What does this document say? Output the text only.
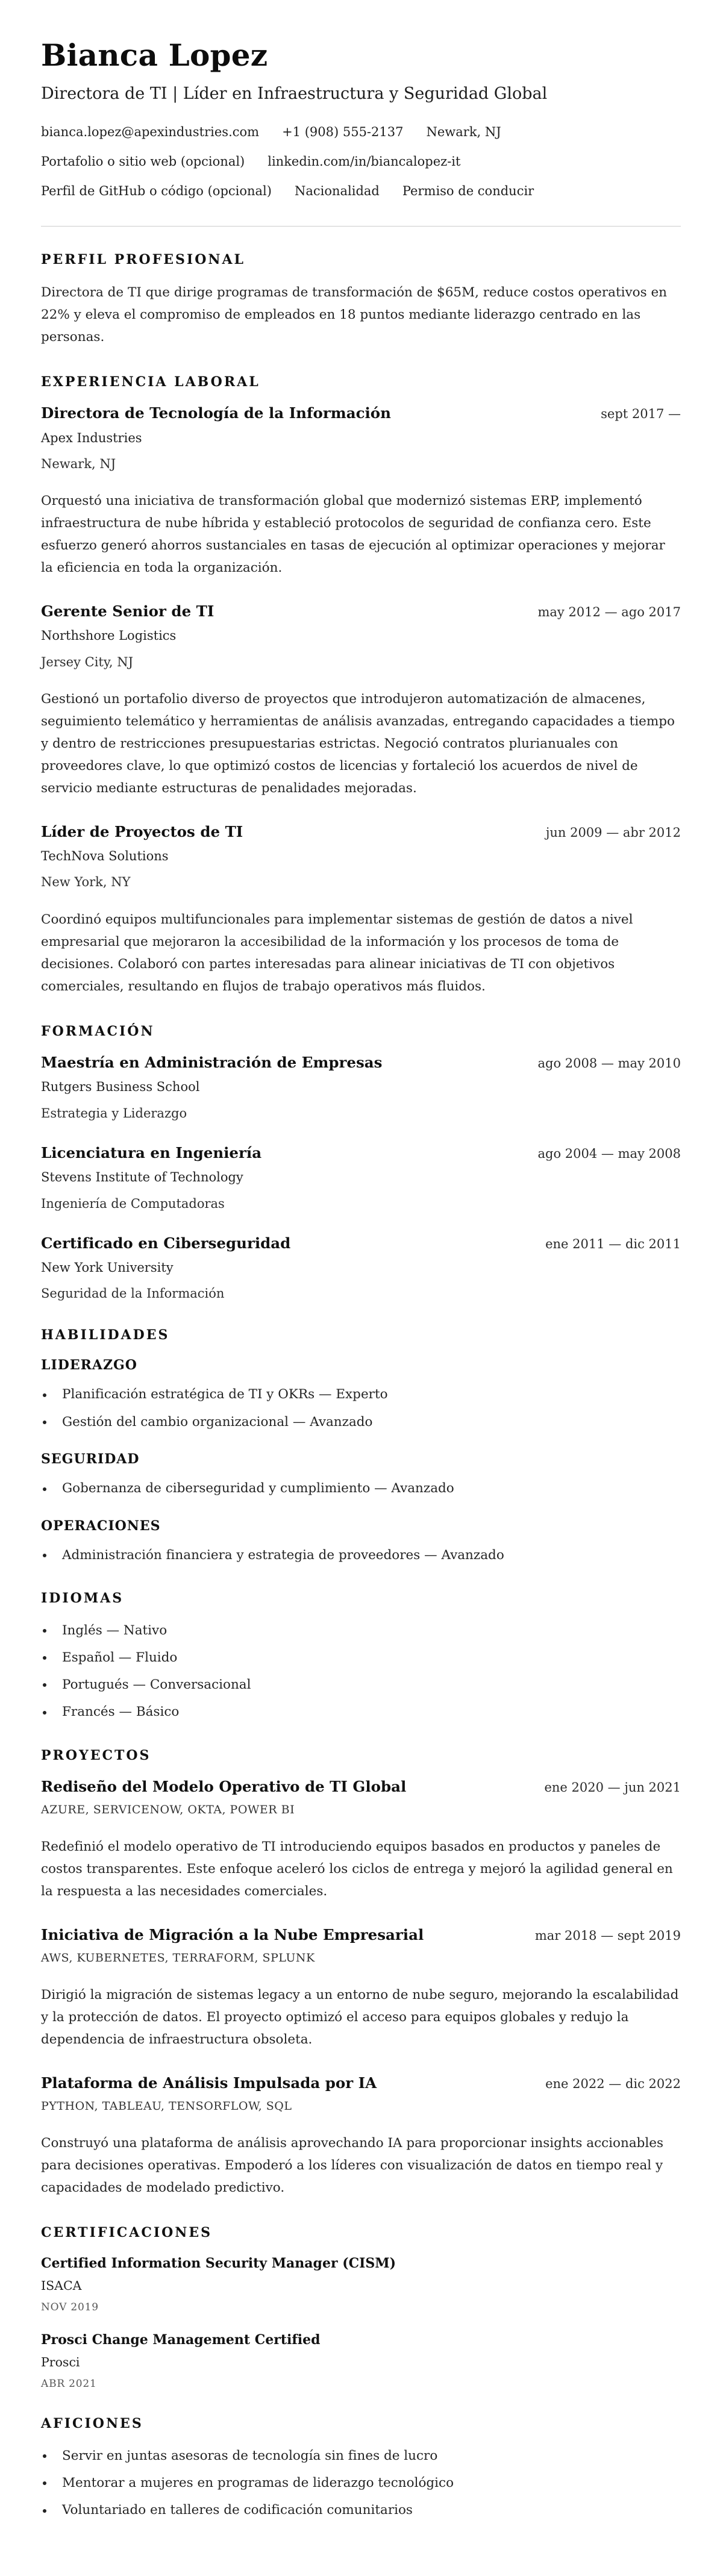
Bianca Lopez
Directora de TI | Líder en Infraestructura y Seguridad Global
bianca.lopez@apexindustries.com +1 (908) 555-2137 Newark, NJ
Portafolio o sitio web (opcional) linkedin.com/in/biancalopez-it
Perfil de GitHub o código (opcional) Nacionalidad Permiso de conducir
PERFIL PROFESIONAL

Directora de TI que dirige programas de transformación de $65M, reduce costos operativos en 22% y eleva el compromiso de empleados en 18 puntos mediante liderazgo centrado en las personas.

EXPERIENCIA LABORAL
Directora de Tecnología de la Información	sept 2017 —
Apex Industries
Newark, NJ

Orquestó una iniciativa de transformación global que modernizó sistemas ERP, implementó infraestructura de nube híbrida y estableció protocolos de seguridad de confianza cero. Este esfuerzo generó ahorros sustanciales en tasas de ejecución al optimizar operaciones y mejorar la eficiencia en toda la organización.

Gerente Senior de TI	may 2012 — ago 2017
Northshore Logistics
Jersey City, NJ

Gestionó un portafolio diverso de proyectos que introdujeron automatización de almacenes, seguimiento telemático y herramientas de análisis avanzadas, entregando capacidades a tiempo y dentro de restricciones presupuestarias estrictas. Negoció contratos plurianuales con proveedores clave, lo que optimizó costos de licencias y fortaleció los acuerdos de nivel de servicio mediante estructuras de penalidades mejoradas.

Líder de Proyectos de TI	jun 2009 — abr 2012
TechNova Solutions
New York, NY

Coordinó equipos multifuncionales para implementar sistemas de gestión de datos a nivel empresarial que mejoraron la accesibilidad de la información y los procesos de toma de decisiones. Colaboró con partes interesadas para alinear iniciativas de TI con objetivos comerciales, resultando en flujos de trabajo operativos más fluidos.

FORMACIÓN
Maestría en Administración de Empresas	ago 2008 — may 2010
Rutgers Business School
Estrategia y Liderazgo
Licenciatura en Ingeniería	ago 2004 — may 2008
Stevens Institute of Technology
Ingeniería de Computadoras
Certificado en Ciberseguridad	ene 2011 — dic 2011
New York University
Seguridad de la Información
HABILIDADES
LIDERAZGO
Planificación estratégica de TI y OKRs — Experto
Gestión del cambio organizacional — Avanzado
SEGURIDAD
Gobernanza de ciberseguridad y cumplimiento — Avanzado
OPERACIONES
Administración financiera y estrategia de proveedores — Avanzado
IDIOMAS
Inglés — Nativo
Español — Fluido
Portugués — Conversacional
Francés — Básico
PROYECTOS
Rediseño del Modelo Operativo de TI Global	ene 2020 — jun 2021
AZURE, SERVICENOW, OKTA, POWER BI

Redefinió el modelo operativo de TI introduciendo equipos basados en productos y paneles de costos transparentes. Este enfoque aceleró los ciclos de entrega y mejoró la agilidad general en la respuesta a las necesidades comerciales.

Iniciativa de Migración a la Nube Empresarial	mar 2018 — sept 2019
AWS, KUBERNETES, TERRAFORM, SPLUNK

Dirigió la migración de sistemas legacy a un entorno de nube seguro, mejorando la escalabilidad y la protección de datos. El proyecto optimizó el acceso para equipos globales y redujo la dependencia de infraestructura obsoleta.

Plataforma de Análisis Impulsada por IA	ene 2022 — dic 2022
PYTHON, TABLEAU, TENSORFLOW, SQL

Construyó una plataforma de análisis aprovechando IA para proporcionar insights accionables para decisiones operativas. Empoderó a los líderes con visualización de datos en tiempo real y capacidades de modelado predictivo.

CERTIFICACIONES
Certified Information Security Manager (CISM)
ISACA
NOV 2019
Prosci Change Management Certified
Prosci
ABR 2021
AFICIONES
Servir en juntas asesoras de tecnología sin fines de lucro
Mentorar a mujeres en programas de liderazgo tecnológico
Voluntariado en talleres de codificación comunitarios
